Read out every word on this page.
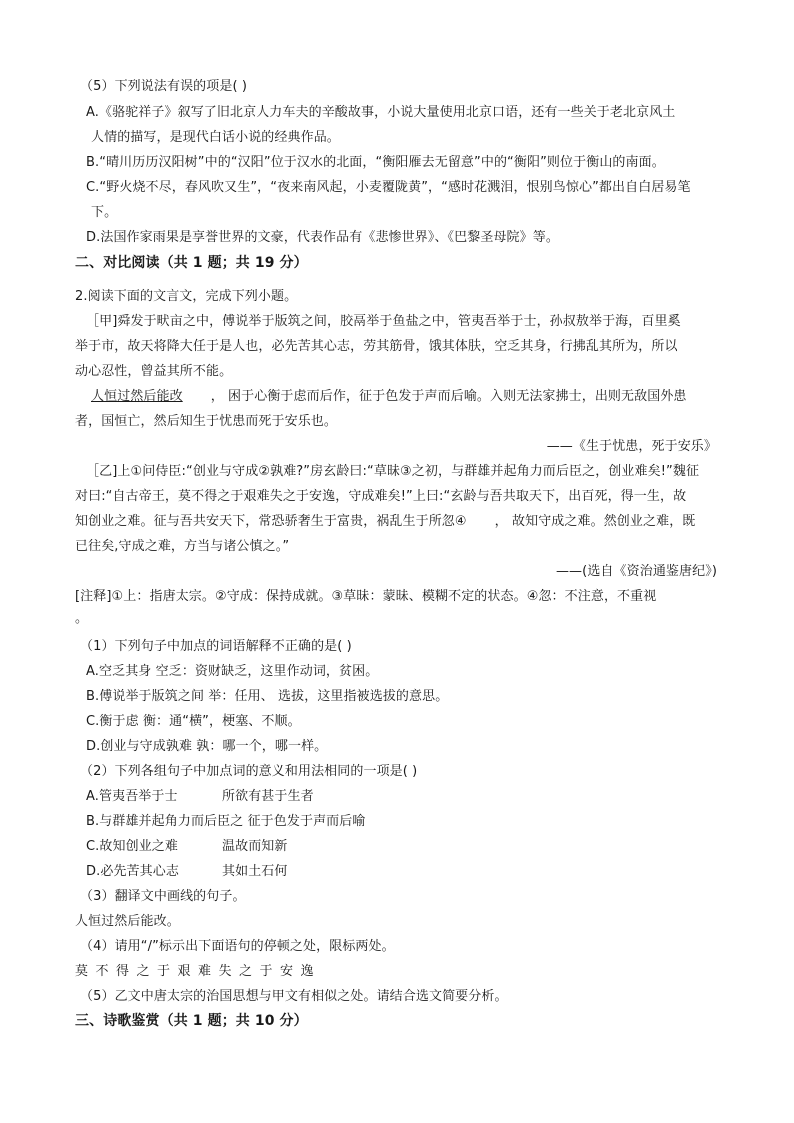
（5）下列说法有误的项是( )
A.《骆驼祥子》叙写了旧北京人力车夫的辛酸故事，小说大量使用北京口语，还有一些关于老北京风土
人情的描写，是现代白话小说的经典作品。
B.“晴川历历汉阳树”中的“汉阳”位于汉水的北面，“衡阳雁去无留意”中的“衡阳”则位于衡山的南面。
C.“野火烧不尽，春风吹又生”，“夜来南风起，小麦覆陇黄”，“感时花溅泪，恨别鸟惊心”都出自白居易笔
下。
D.法国作家雨果是享誉世界的文豪，代表作品有《悲惨世界》、《巴黎圣母院》等。
二、对比阅读（共 1 题；共 19 分）
2.阅读下面的文言文，完成下列小题。
［甲]舜发于畎亩之中，傅说举于版筑之间，胶鬲举于鱼盐之中，管夷吾举于士，孙叔敖举于海，百里奚
举于市，故天将降大任于是人也，必先苦其心志，劳其筋骨，饿其体肤，空乏其身，行拂乱其所为，所以
动心忍性，曾益其所不能。
人恒过然后能改 ， 困于心衡于虑而后作，征于色发于声而后喻。入则无法家拂士，出则无敌国外患
者，国恒亡，然后知生于忧患而死于安乐也。
——《生于忧患，死于安乐》
［乙]上①问侍臣:“创业与守成②孰难?”房玄龄曰:“草昧③之初，与群雄并起角力而后臣之，创业难矣!”魏征
对曰:“自古帝王，莫不得之于艰难失之于安逸，守成难矣!”上曰:“玄龄与吾共取天下，出百死，得一生，故
知创业之难。征与吾共安天下，常恐骄奢生于富贵，祸乱生于所忽④ ， 故知守成之难。然创业之难，既
已往矣,守成之难，方当与诸公慎之。”
——(选自《资治通鉴唐纪》)
[注释]①上：指唐太宗。②守成：保持成就。③草昧：蒙昧、模糊不定的状态。④忽：不注意，不重视
。
（1）下列句子中加点的词语解释不正确的是( )
A.空乏其身 空乏：资财缺乏，这里作动词，贫困。
B.傅说举于版筑之间 举：任用、 选拔，这里指被选拔的意思。
C.衡于虑 衡：通“横”，梗塞、不顺。
D.创业与守成孰难 孰：哪一个，哪一样。
（2）下列各组句子中加点词的意义和用法相同的一项是( )
A.管夷吾举于士	所欲有甚于生者
B.与群雄并起角力而后臣之 征于色发于声而后喻
C.故知创业之难	温故而知新
D.必先苦其心志	其如土石何
（3）翻译文中画线的句子。
人恒过然后能改。
（4）请用“/”标示出下面语句的停顿之处，限标两处。
莫不得之于艰难失之于安逸
（5）乙文中唐太宗的治国思想与甲文有相似之处。请结合选文简要分析。
三、诗歌鉴赏（共 1 题；共 10 分）
